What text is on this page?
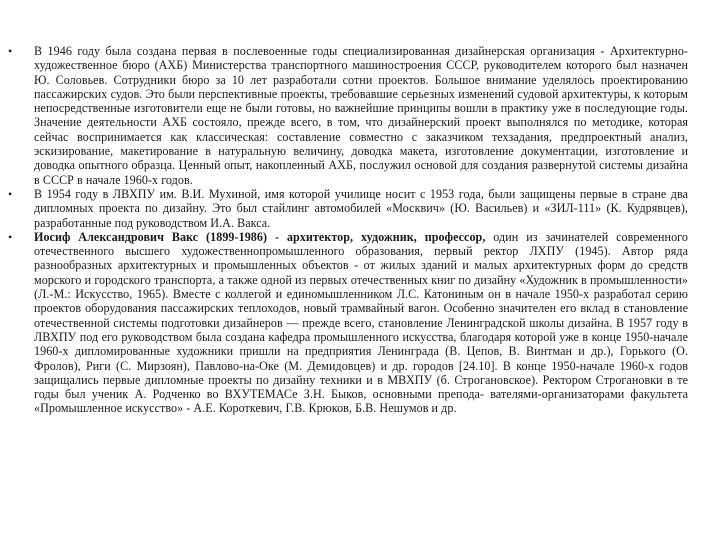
• В 1946 году была создана первая в послевоенные годы специализированная дизайнерская организация - Архитектурно-художественное бюро (АХБ) Министерства транспортного машиностроения СССР, руководителем которого был назначен Ю. Соловьев. Сотрудники бюро за 10 лет разработали сотни проектов. Большое внимание уделялось проектированию пассажирских судов. Это были перспективные проекты, требовавшие серьезных изменений судовой архитектуры, к которым непосредственные изготовители еще не были готовы, но важнейшие принципы вошли в практику уже в последующие годы. Значение деятельности АХБ состояло, прежде всего, в том, что дизайнерский проект выполнялся по методике, которая сейчас воспринимается как классическая: составление совместно с заказчиком техзадания, предпроектный анализ, эскизирование, макетирование в натуральную величину, доводка макета, изготовление документации, изготовление и доводка опытного образца. Ценный опыт, накопленный АХБ, послужил основой для создания развернутой системы дизайна в СССР в начале 1960-х годов.
• В 1954 году в ЛВХПУ им. В.И. Мухиной, имя которой училище носит с 1953 года, были защищены первые в стране два дипломных проекта по дизайну. Это был стайлинг автомобилей «Москвич» (Ю. Васильев) и «ЗИЛ-111» (К. Кудрявцев), разработанные под руководством И.А. Вакса.
• Иосиф Александрович Вакс (1899-1986) - архитектор, художник, профессор, один из зачинателей современного отечественного высшего художественнопромышленного образования, первый ректор ЛХПУ (1945). Автор ряда разнообразных архитектурных и промышленных объектов - от жилых зданий и малых архитектурных форм до средств морского и городского транспорта, а также одной из первых отечественных книг по дизайну «Художник в промышленности» (Л.-М.: Искусство, 1965). Вместе с коллегой и единомышленником Л.С. Катониным он в начале 1950-х разработал серию проектов оборудования пассажирских теплоходов, новый трамвайный вагон. Особенно значителен его вклад в становление отечественной системы подготовки дизайнеров — прежде всего, становление Ленинградской школы дизайна. В 1957 году в ЛВХПУ под его руководством была создана кафедра промышленного искусства, благодаря которой уже в конце 1950-начале 1960-х дипломированные художники пришли на предприятия Ленинграда (В. Цепов, В. Винтман и др.), Горького (О. Фролов), Риги (С. Мирзоян), Павлово-на-Оке (М. Демидовцев) и др. городов [24.10]. В конце 1950-начале 1960-х годов защищались первые дипломные проекты по дизайну техники и в МВХПУ (б. Строгановское). Ректором Строгановки в те годы был ученик А. Родченко во ВХУТЕМАСе З.Н. Быков, основными препода- вателями-организаторами факультета «Промышленное искусство» - А.Е. Короткевич, Г.В. Крюков, Б.В. Нешумов и др.
